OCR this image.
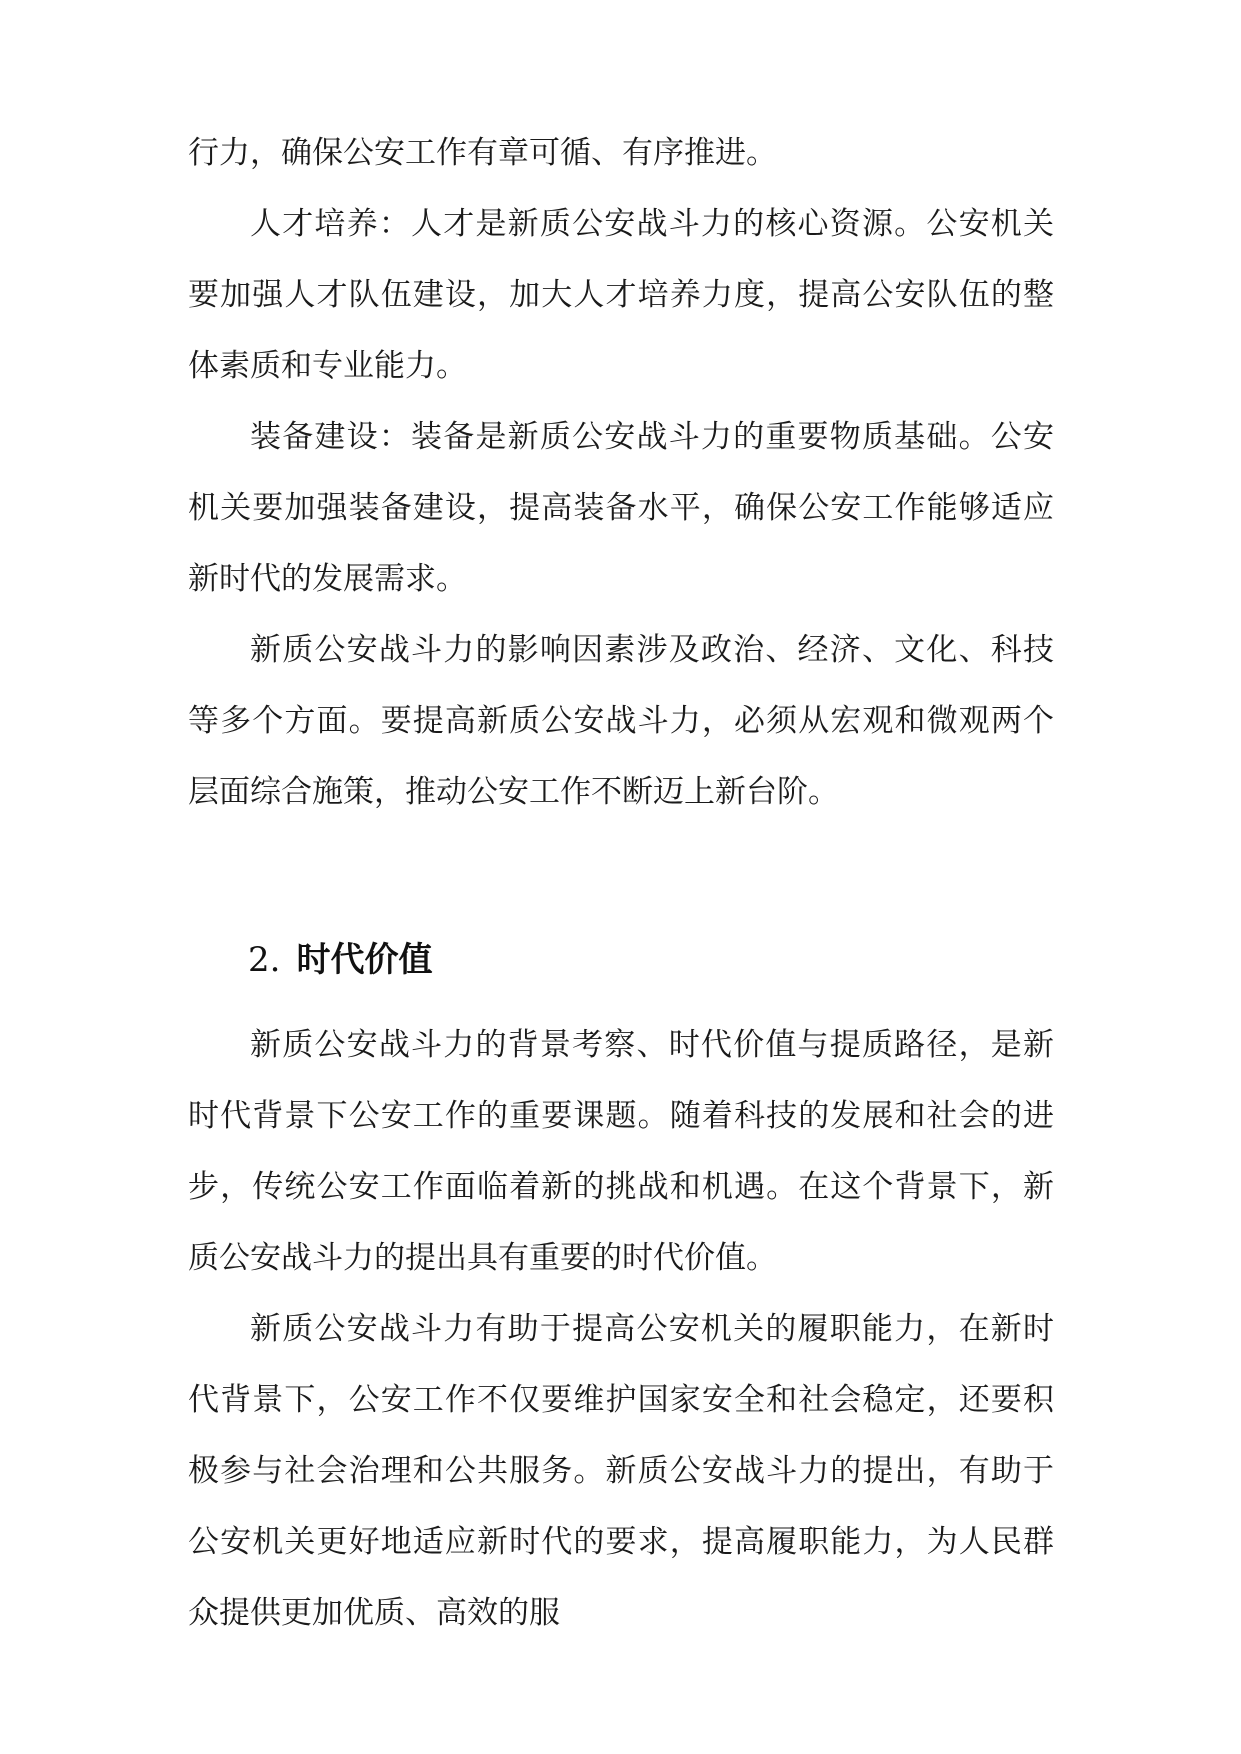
行力，确保公安工作有章可循、有序推进。

人才培养：人才是新质公安战斗力的核心资源。公安机关要加强人才队伍建设，加大人才培养力度，提高公安队伍的整体素质和专业能力。

装备建设：装备是新质公安战斗力的重要物质基础。公安机关要加强装备建设，提高装备水平，确保公安工作能够适应新时代的发展需求。

新质公安战斗力的影响因素涉及政治、经济、文化、科技等多个方面。要提高新质公安战斗力，必须从宏观和微观两个层面综合施策，推动公安工作不断迈上新台阶。

2. 时代价值

新质公安战斗力的背景考察、时代价值与提质路径，是新时代背景下公安工作的重要课题。随着科技的发展和社会的进步，传统公安工作面临着新的挑战和机遇。在这个背景下，新质公安战斗力的提出具有重要的时代价值。

新质公安战斗力有助于提高公安机关的履职能力，在新时代背景下，公安工作不仅要维护国家安全和社会稳定，还要积极参与社会治理和公共服务。新质公安战斗力的提出，有助于公安机关更好地适应新时代的要求，提高履职能力，为人民群众提供更加优质、高效的服
